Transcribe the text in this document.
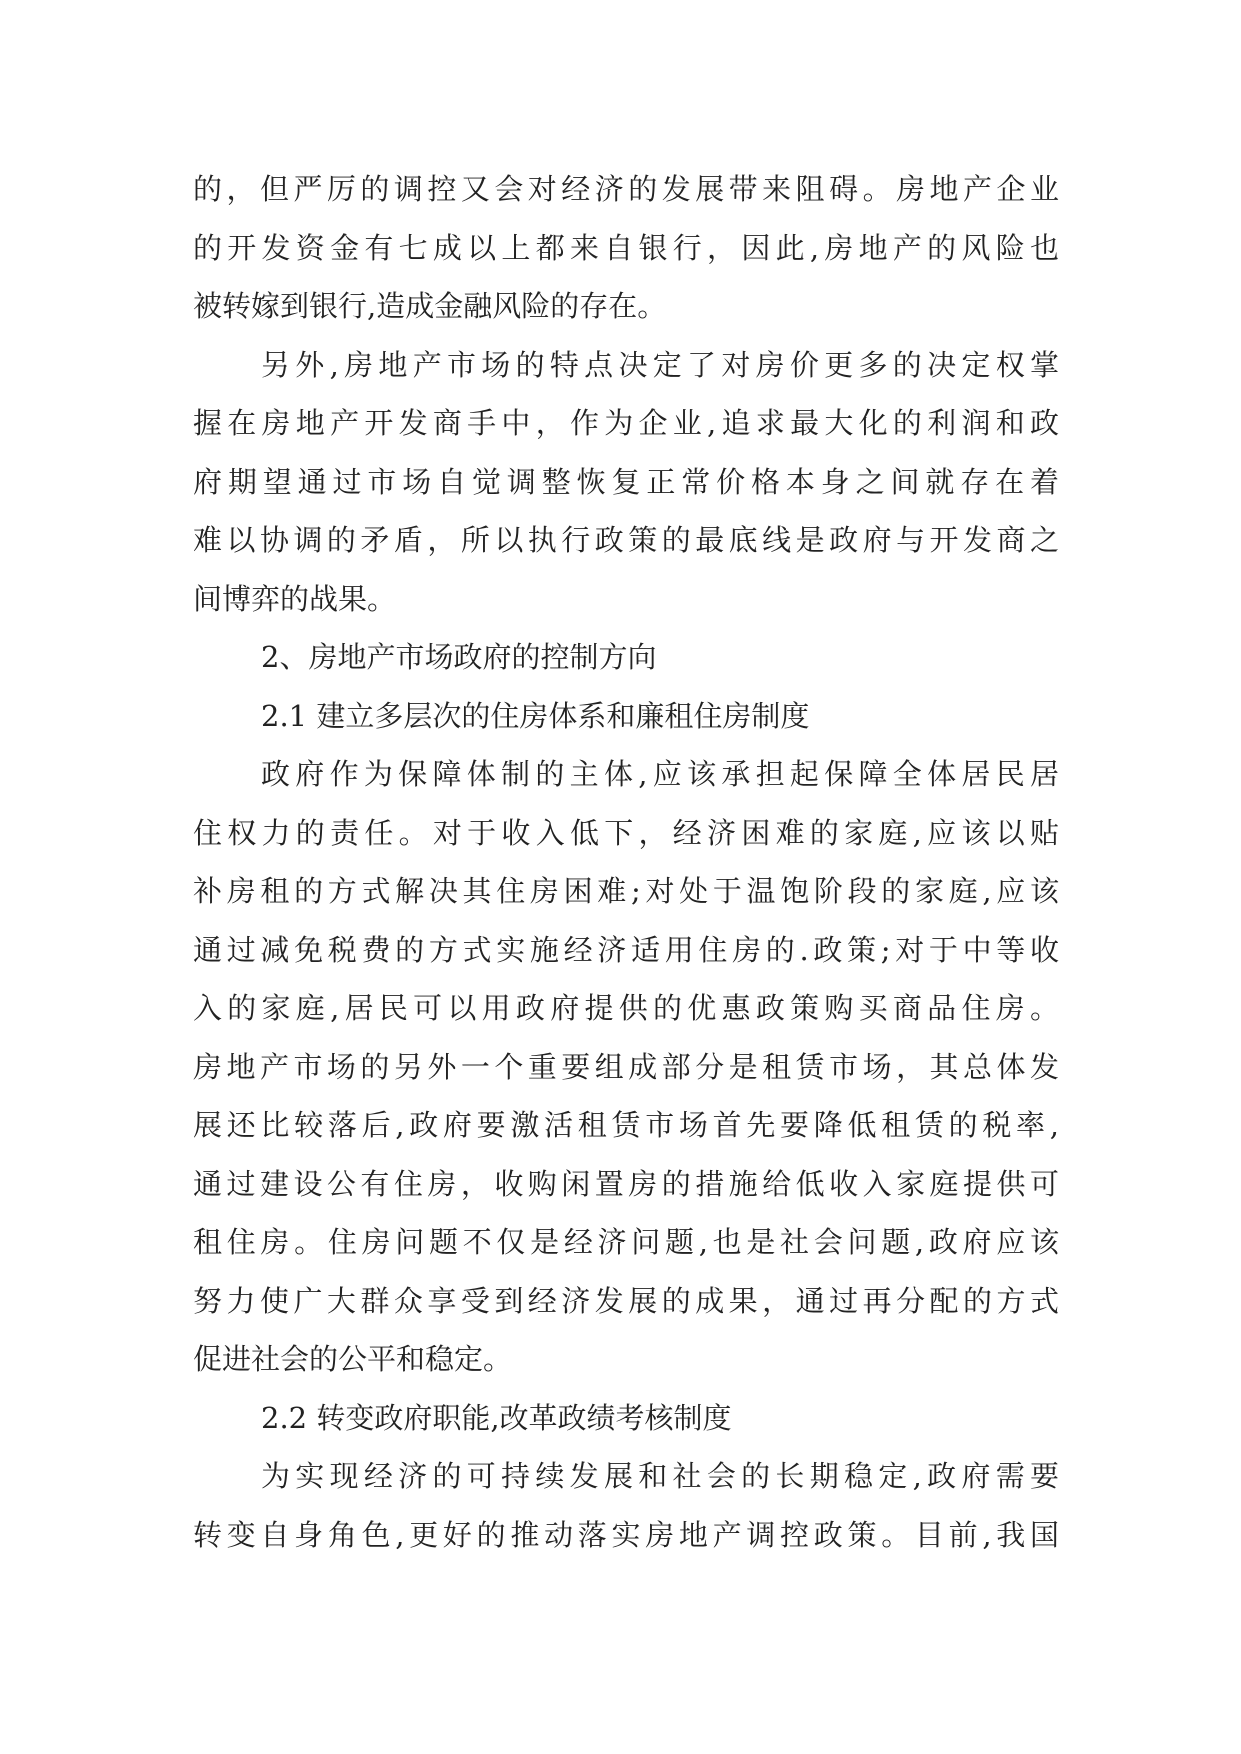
的，但严厉的调控又会对经济的发展带来阻碍。房地产企业
的开发资金有七成以上都来自银行，因此,房地产的风险也
被转嫁到银行,造成金融风险的存在。
另外,房地产市场的特点决定了对房价更多的决定权掌
握在房地产开发商手中，作为企业,追求最大化的利润和政
府期望通过市场自觉调整恢复正常价格本身之间就存在着
难以协调的矛盾，所以执行政策的最底线是政府与开发商之
间博弈的战果。
2、房地产市场政府的控制方向
2.1 建立多层次的住房体系和廉租住房制度
政府作为保障体制的主体,应该承担起保障全体居民居
住权力的责任。对于收入低下，经济困难的家庭,应该以贴
补房租的方式解决其住房困难;对处于温饱阶段的家庭,应该
通过减免税费的方式实施经济适用住房的.政策;对于中等收
入的家庭,居民可以用政府提供的优惠政策购买商品住房。
房地产市场的另外一个重要组成部分是租赁市场，其总体发
展还比较落后,政府要激活租赁市场首先要降低租赁的税率,
通过建设公有住房，收购闲置房的措施给低收入家庭提供可
租住房。住房问题不仅是经济问题,也是社会问题,政府应该
努力使广大群众享受到经济发展的成果，通过再分配的方式
促进社会的公平和稳定。
2.2 转变政府职能,改革政绩考核制度
为实现经济的可持续发展和社会的长期稳定,政府需要
转变自身角色,更好的推动落实房地产调控政策。目前,我国
